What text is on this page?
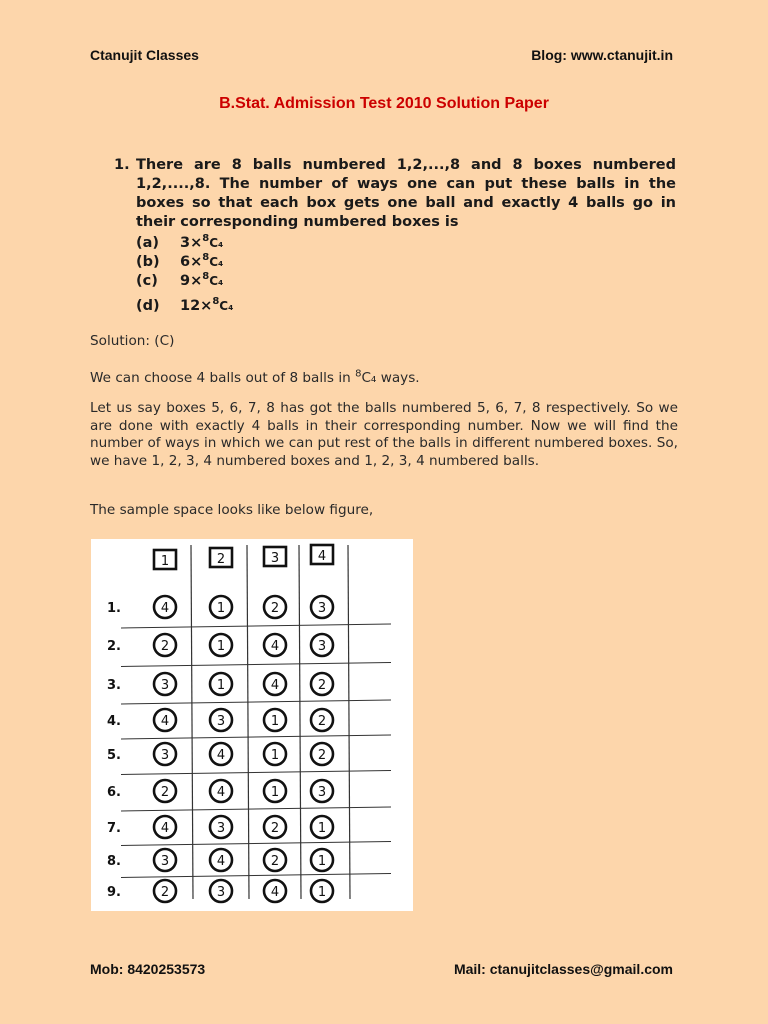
Ctanujit Classes	Blog: www.ctanujit.in
B.Stat. Admission Test 2010 Solution Paper
1. There are 8 balls numbered 1,2,...,8 and 8 boxes numbered 1,2,....,8. The number of ways one can put these balls in the boxes so that each box gets one ball and exactly 4 balls go in their corresponding numbered boxes is
(a)	3×$^8$C₄
(b)	6×$^8$C₄
(c)	9×$^8$C₄
(d)	12×$^8$C₄
Solution: (C)
We can choose 4 balls out of 8 balls in $^8$C₄ ways.
Let us say boxes 5, 6, 7, 8 has got the balls numbered 5, 6, 7, 8 respectively. So we are done with exactly 4 balls in their corresponding number. Now we will find the number of ways in which we can put rest of the balls in different numbered boxes. So, we have 1, 2, 3, 4 numbered boxes and 1, 2, 3, 4 numbered balls.
The sample space looks like below figure,
1	2	3	4
1.	4	1	2	3
2.	2	1	4	3
3.	3	1	4	2
4.	4	3	1	2
5.	3	4	1	2
6.	2	4	1	3
7.	4	3	2	1
8.	3	4	2	1
9.	2	3	4	1
Mob: 8420253573	Mail: ctanujitclasses@gmail.com
